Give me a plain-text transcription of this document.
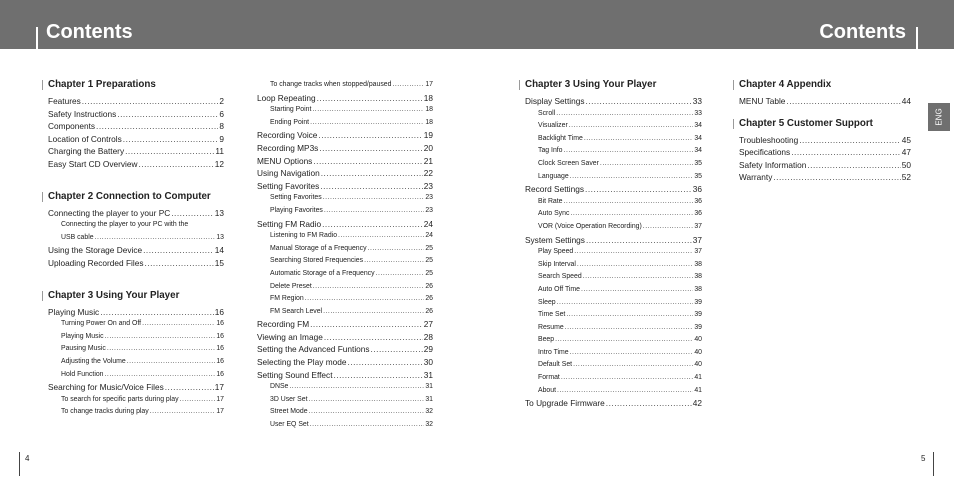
Contents	Contents
Chapter 1 Preparations
Features .....	2
Safety Instructions .....	6
Components .....	8
Location of Controls .....	9
Charging the Battery .....	11
Easy Start CD Overview .....	12
Chapter 2 Connection to Computer
Connecting the player to your PC .....	13
Connecting the player to your PC with the
USB cable .....	13
Using the Storage Device .....	14
Uploading Recorded Files .....	15
Chapter 3 Using Your Player
Playing Music .....	16
Turning Power On and Off .....	16
Playing Music .....	16
Pausing Music .....	16
Adjusting the Volume .....	16
Hold Function .....	16
Searching for Music/Voice Files .....	17
To search for specific parts during play .....	17
To change tracks during play .....	17
To change tracks when stopped/paused .....	17
Loop Repeating .....	18
Starting Point .....	18
Ending Point .....	18
Recording Voice .....	19
Recording MP3s .....	20
MENU Options .....	21
Using Navigation .....	22
Setting Favorites .....	23
Setting Favorites .....	23
Playing Favorites .....	23
Setting FM Radio .....	24
Listening to FM Radio .....	24
Manual Storage of a Frequency .....	25
Searching Stored Frequencies .....	25
Automatic Storage of a Frequency .....	25
Delete Preset .....	26
FM Region .....	26
FM Search Level .....	26
Recording FM .....	27
Viewing an Image .....	28
Setting the Advanced Funtions .....	29
Selecting the Play mode .....	30
Setting Sound Effect .....	31
DNSe .....	31
3D User Set .....	31
Street Mode .....	32
User EQ Set .....	32
Chapter 3 Using Your Player
Display Settings .....	33
Scroll .....	33
Visualizer .....	34
Backlight Time .....	34
Tag Info .....	34
Clock Screen Saver .....	35
Language .....	35
Record Settings .....	36
Bit Rate .....	36
Auto Sync .....	36
VOR (Voice Operation Recording) .....	37
System Settings .....	37
Play Speed .....	37
Skip Interval .....	38
Search Speed .....	38
Auto Off Time .....	38
Sleep .....	39
Time Set .....	39
Resume .....	39
Beep .....	40
Intro Time .....	40
Default Set .....	40
Format .....	41
About .....	41
To Upgrade Firmware .....	42
Chapter 4 Appendix
MENU Table .....	44
Chapter 5 Customer Support
Troubleshooting .....	45
Specifications .....	47
Safety Information .....	50
Warranty .....	52
ENG
4	5
